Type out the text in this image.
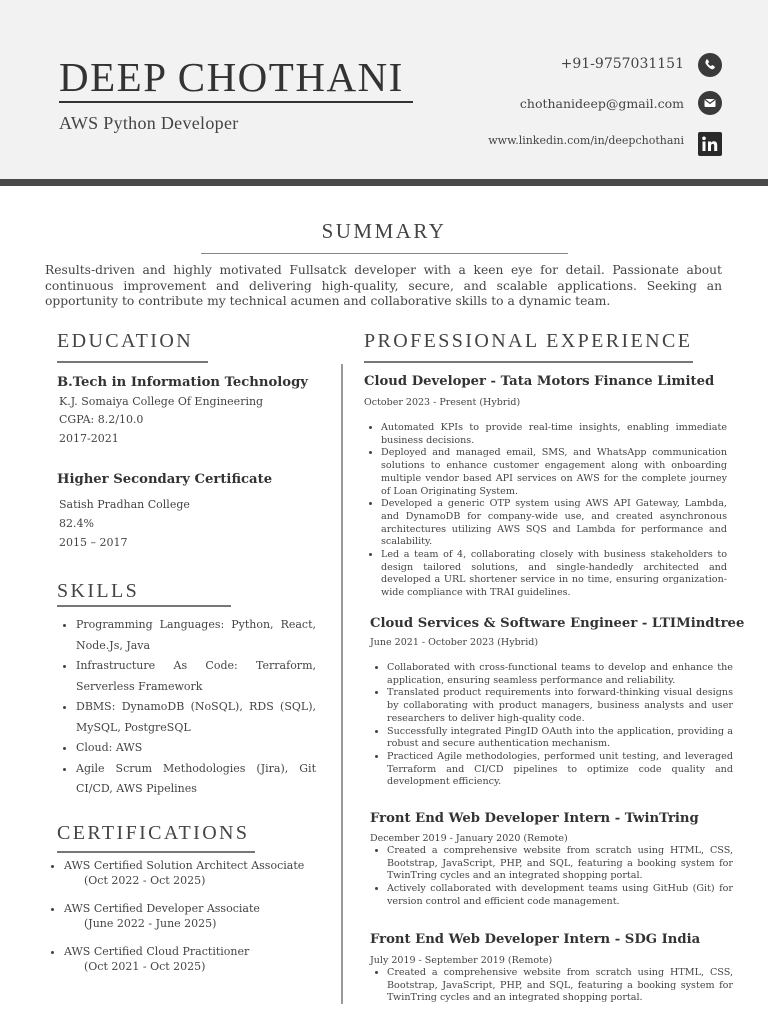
DEEP CHOTHANI
AWS Python Developer
+91-9757031151
chothanideep@gmail.com
www.linkedin.com/in/deepchothani
SUMMARY
Results-driven and highly motivated Fullsatck developer with a keen eye for detail. Passionate about continuous improvement and delivering high-quality, secure, and scalable applications. Seeking an opportunity to contribute my technical acumen and collaborative skills to a dynamic team.
EDUCATION
B.Tech in Information Technology
K.J. Somaiya College Of Engineering
CGPA: 8.2/10.0
2017-2021
Higher Secondary Certificate
Satish Pradhan College
82.4%
2015 – 2017
SKILLS
• Programming Languages: Python, React, Node.Js, Java
• Infrastructure As Code: Terraform, Serverless Framework
• DBMS: DynamoDB (NoSQL), RDS (SQL), MySQL, PostgreSQL
• Cloud: AWS
• Agile Scrum Methodologies (Jira), Git CI/CD, AWS Pipelines
CERTIFICATIONS
• AWS Certified Solution Architect Associate
(Oct 2022 - Oct 2025)
• AWS Certified Developer Associate
(June 2022 - June 2025)
• AWS Certified Cloud Practitioner
(Oct 2021 - Oct 2025)
PROFESSIONAL EXPERIENCE
Cloud Developer - Tata Motors Finance Limited
October 2023 - Present (Hybrid)
• Automated KPIs to provide real-time insights, enabling immediate business decisions.
• Deployed and managed email, SMS, and WhatsApp communication solutions to enhance customer engagement along with onboarding multiple vendor based API services on AWS for the complete journey of Loan Originating System.
• Developed a generic OTP system using AWS API Gateway, Lambda, and DynamoDB for company-wide use, and created asynchronous architectures utilizing AWS SQS and Lambda for performance and scalability.
• Led a team of 4, collaborating closely with business stakeholders to design tailored solutions, and single-handedly architected and developed a URL shortener service in no time, ensuring organization-wide compliance with TRAI guidelines.
Cloud Services & Software Engineer - LTIMindtree
June 2021 - October 2023 (Hybrid)
• Collaborated with cross-functional teams to develop and enhance the application, ensuring seamless performance and reliability.
• Translated product requirements into forward-thinking visual designs by collaborating with product managers, business analysts and user researchers to deliver high-quality code.
• Successfully integrated PingID OAuth into the application, providing a robust and secure authentication mechanism.
• Practiced Agile methodologies, performed unit testing, and leveraged Terraform and CI/CD pipelines to optimize code quality and development efficiency.
Front End Web Developer Intern - TwinTring
December 2019 - January 2020 (Remote)
• Created a comprehensive website from scratch using HTML, CSS, Bootstrap, JavaScript, PHP, and SQL, featuring a booking system for TwinTring cycles and an integrated shopping portal.
• Actively collaborated with development teams using GitHub (Git) for version control and efficient code management.
Front End Web Developer Intern - SDG India
July 2019 - September 2019 (Remote)
• Created a comprehensive website from scratch using HTML, CSS, Bootstrap, JavaScript, PHP, and SQL, featuring a booking system for TwinTring cycles and an integrated shopping portal.
